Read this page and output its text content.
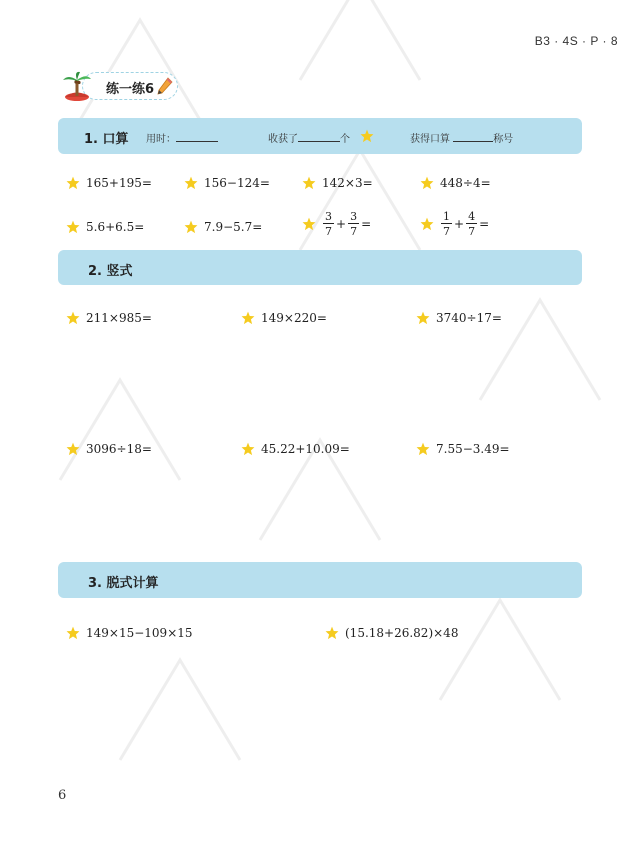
B3 · 4S · P · 8
练一练6
1. 口算 用时：	收获了	个	获得口算	称号
165+195=	156−124=	142×3=	448÷4=
5.6+6.5=	7.9−5.7=	$\frac{3}{7} + \frac{3}{7}$ =	$\frac{1}{7} + \frac{4}{7}$ =
2. 竖式
211×985=	149×220=	3740÷17=
3096÷18=	45.22+10.09=	7.55−3.49=
3. 脱式计算
149×15−109×15	(15.18+26.82)×48
6
